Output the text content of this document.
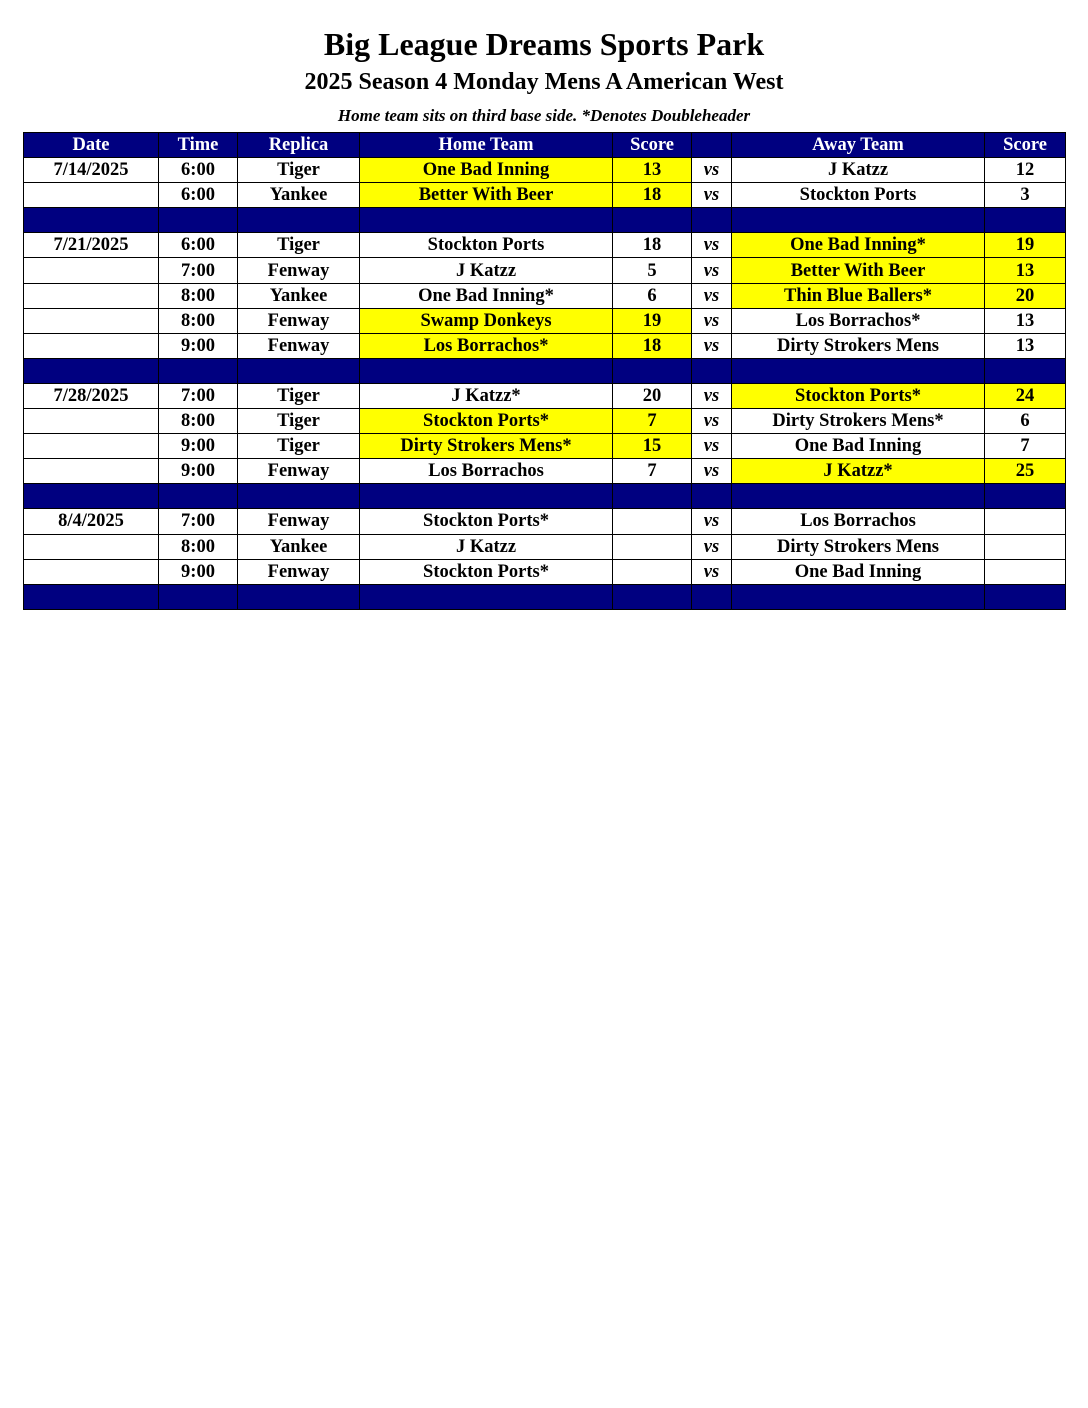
Big League Dreams Sports Park
2025 Season 4 Monday Mens A American West
Home team sits on third base side. *Denotes Doubleheader
Date	Time	Replica	Home Team	Score		Away Team	Score
7/14/2025	6:00	Tiger	One Bad Inning	13	vs	J Katzz	12
	6:00	Yankee	Better With Beer	18	vs	Stockton Ports	3

7/21/2025	6:00	Tiger	Stockton Ports	18	vs	One Bad Inning*	19
	7:00	Fenway	J Katzz	5	vs	Better With Beer	13
	8:00	Yankee	One Bad Inning*	6	vs	Thin Blue Ballers*	20
	8:00	Fenway	Swamp Donkeys	19	vs	Los Borrachos*	13
	9:00	Fenway	Los Borrachos*	18	vs	Dirty Strokers Mens	13

7/28/2025	7:00	Tiger	J Katzz*	20	vs	Stockton Ports*	24
	8:00	Tiger	Stockton Ports*	7	vs	Dirty Strokers Mens*	6
	9:00	Tiger	Dirty Strokers Mens*	15	vs	One Bad Inning	7
	9:00	Fenway	Los Borrachos	7	vs	J Katzz*	25

8/4/2025	7:00	Fenway	Stockton Ports*		vs	Los Borrachos	
	8:00	Yankee	J Katzz		vs	Dirty Strokers Mens	
	9:00	Fenway	Stockton Ports*		vs	One Bad Inning	
